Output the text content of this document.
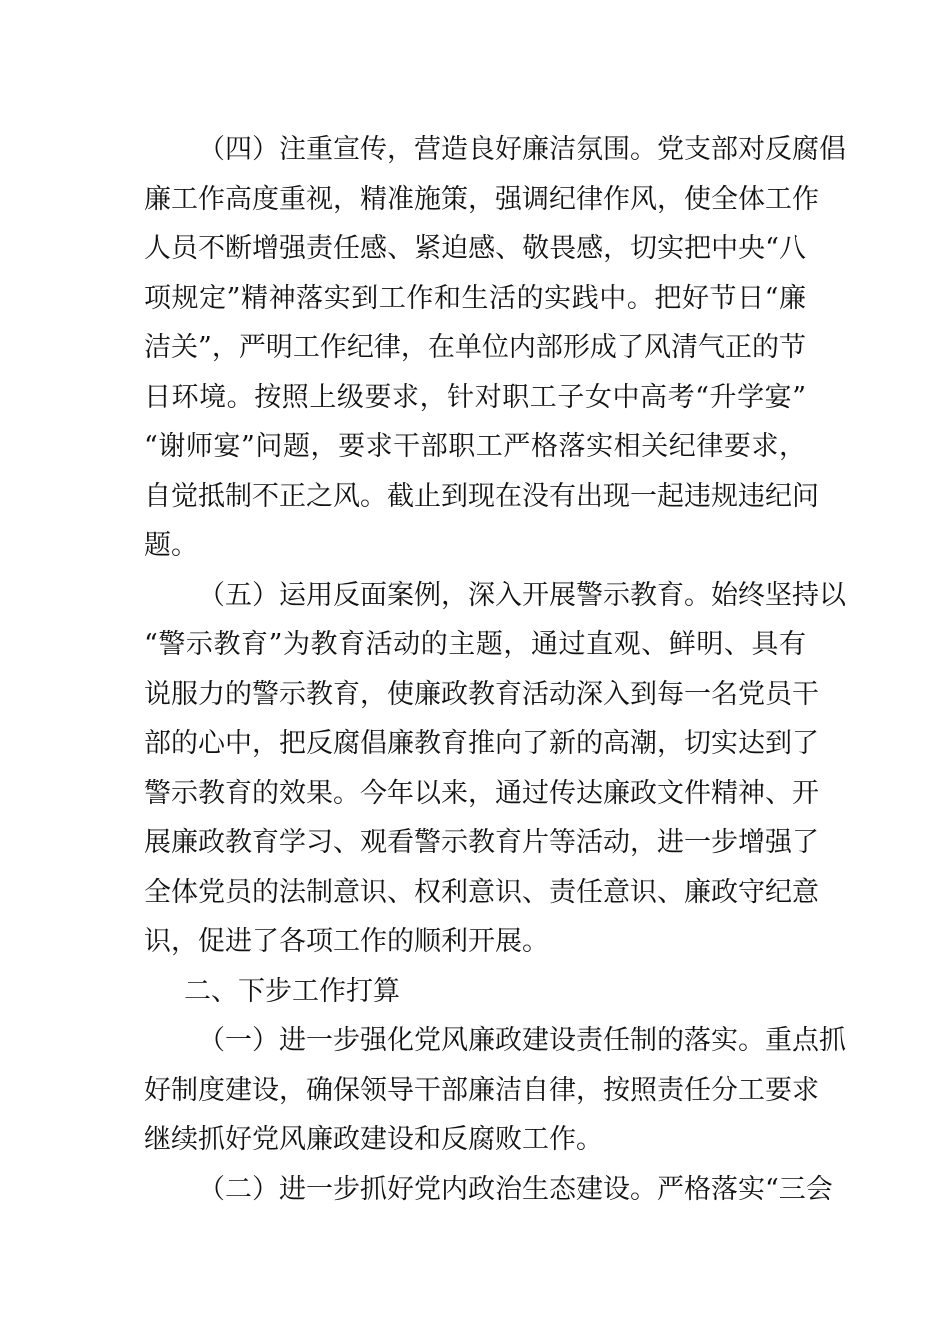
（四）注重宣传，营造良好廉洁氛围。党支部对反腐倡
廉工作高度重视，精准施策，强调纪律作风，使全体工作
人员不断增强责任感、紧迫感、敬畏感，切实把中央“八
项规定”精神落实到工作和生活的实践中。把好节日“廉
洁关”，严明工作纪律，在单位内部形成了风清气正的节
日环境。按照上级要求，针对职工子女中高考“升学宴”
“谢师宴”问题，要求干部职工严格落实相关纪律要求，
自觉抵制不正之风。截止到现在没有出现一起违规违纪问
题。
（五）运用反面案例，深入开展警示教育。始终坚持以
“警示教育”为教育活动的主题，通过直观、鲜明、具有
说服力的警示教育，使廉政教育活动深入到每一名党员干
部的心中，把反腐倡廉教育推向了新的高潮，切实达到了
警示教育的效果。今年以来，通过传达廉政文件精神、开
展廉政教育学习、观看警示教育片等活动，进一步增强了
全体党员的法制意识、权利意识、责任意识、廉政守纪意
识，促进了各项工作的顺利开展。
二、下步工作打算
（一）进一步强化党风廉政建设责任制的落实。重点抓
好制度建设，确保领导干部廉洁自律，按照责任分工要求
继续抓好党风廉政建设和反腐败工作。
（二）进一步抓好党内政治生态建设。严格落实“三会
